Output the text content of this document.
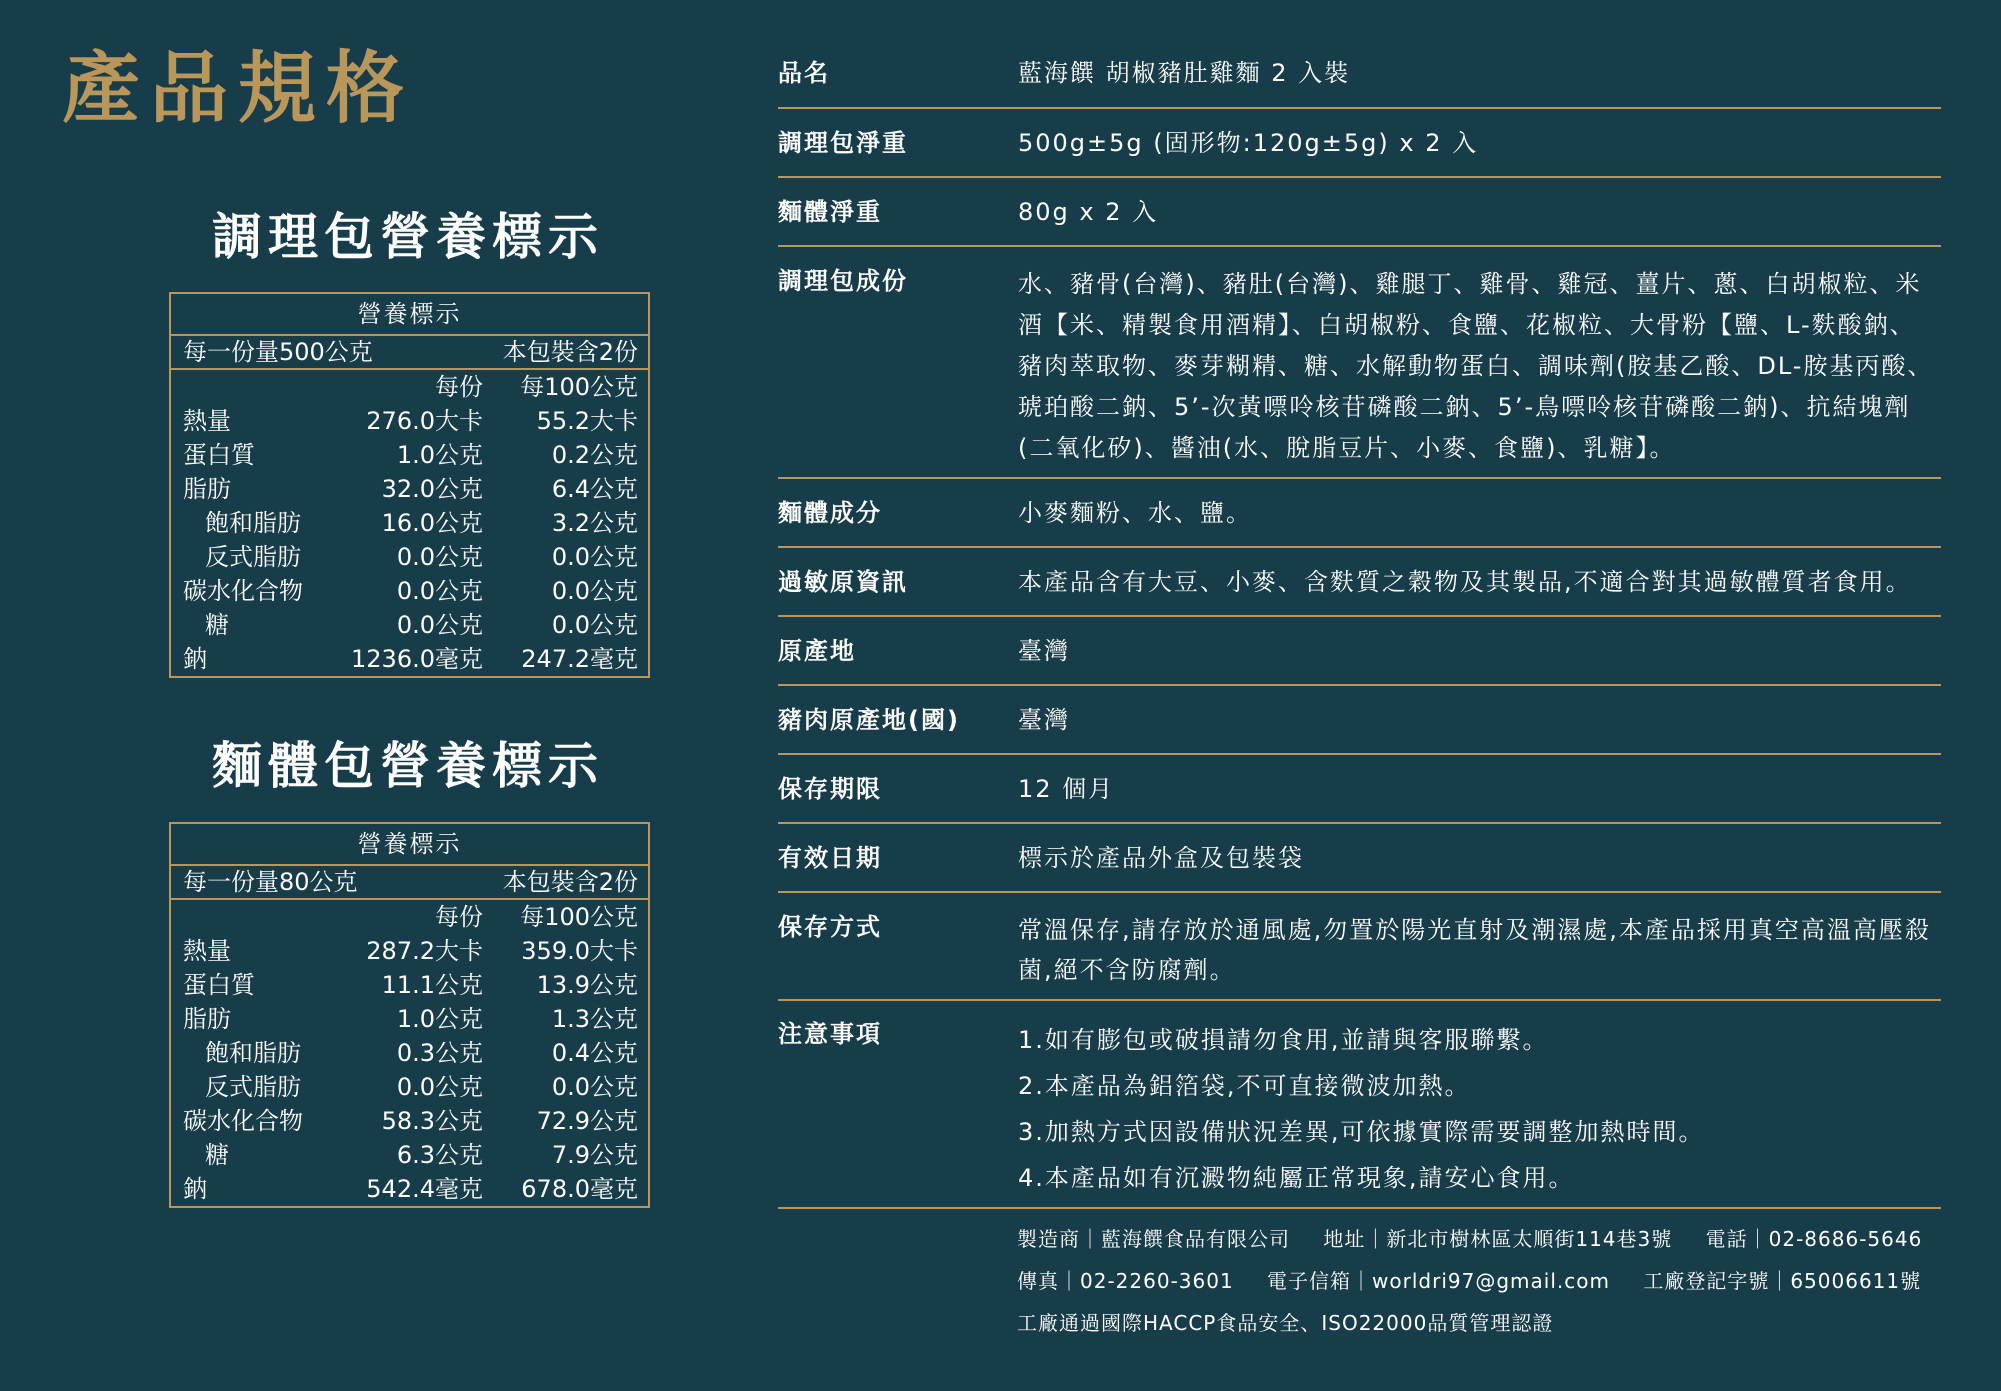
產品規格
調理包營養標示
營養標示
每一份量500公克	本包裝含2份
每份	每100公克
熱量	276.0大卡	55.2大卡
蛋白質	1.0公克	0.2公克
脂肪	32.0公克	6.4公克
飽和脂肪	16.0公克	3.2公克
反式脂肪	0.0公克	0.0公克
碳水化合物	0.0公克	0.0公克
糖	0.0公克	0.0公克
鈉	1236.0毫克	247.2毫克
麵體包營養標示
營養標示
每一份量80公克	本包裝含2份
每份	每100公克
熱量	287.2大卡	359.0大卡
蛋白質	11.1公克	13.9公克
脂肪	1.0公克	1.3公克
飽和脂肪	0.3公克	0.4公克
反式脂肪	0.0公克	0.0公克
碳水化合物	58.3公克	72.9公克
糖	6.3公克	7.9公克
鈉	542.4毫克	678.0毫克
品名	藍海饌 胡椒豬肚雞麵 2 入裝

調理包淨重	500g±5g (固形物:120g±5g) x 2 入

麵體淨重	80g x 2 入

調理包成份	水、豬骨(台灣)、豬肚(台灣)、雞腿丁、雞骨、雞冠、薑片、蔥、白胡椒粒、米酒【米、精製食用酒精】、白胡椒粉、食鹽、花椒粒、大骨粉【鹽、L-麩酸鈉、豬肉萃取物、麥芽糊精、糖、水解動物蛋白、調味劑(胺基乙酸、DL-胺基丙酸、琥珀酸二鈉、5’-次黃嘌呤核苷磷酸二鈉、5’-鳥嘌呤核苷磷酸二鈉)、抗結塊劑(二氧化矽)、醬油(水、脫脂豆片、小麥、食鹽)、乳糖】。

麵體成分	小麥麵粉、水、鹽。

過敏原資訊	本產品含有大豆、小麥、含麩質之穀物及其製品,不適合對其過敏體質者食用。

原產地	臺灣

豬肉原產地(國)	臺灣

保存期限	12 個月

有效日期	標示於產品外盒及包裝袋

保存方式	常溫保存,請存放於通風處,勿置於陽光直射及潮濕處,本產品採用真空高溫高壓殺菌,絕不含防腐劑。

注意事項	1.如有膨包或破損請勿食用,並請與客服聯繫。

2.本產品為鋁箔袋,不可直接微波加熱。

3.加熱方式因設備狀況差異,可依據實際需要調整加熱時間。

4.本產品如有沉澱物純屬正常現象,請安心食用。

製造商｜藍海饌食品有限公司 地址｜新北市樹林區太順街114巷3號 電話｜02-8686-5646
傳真｜02-2260-3601 電子信箱｜worldri97@gmail.com 工廠登記字號｜65006611號
工廠通過國際HACCP食品安全、ISO22000品質管理認證
